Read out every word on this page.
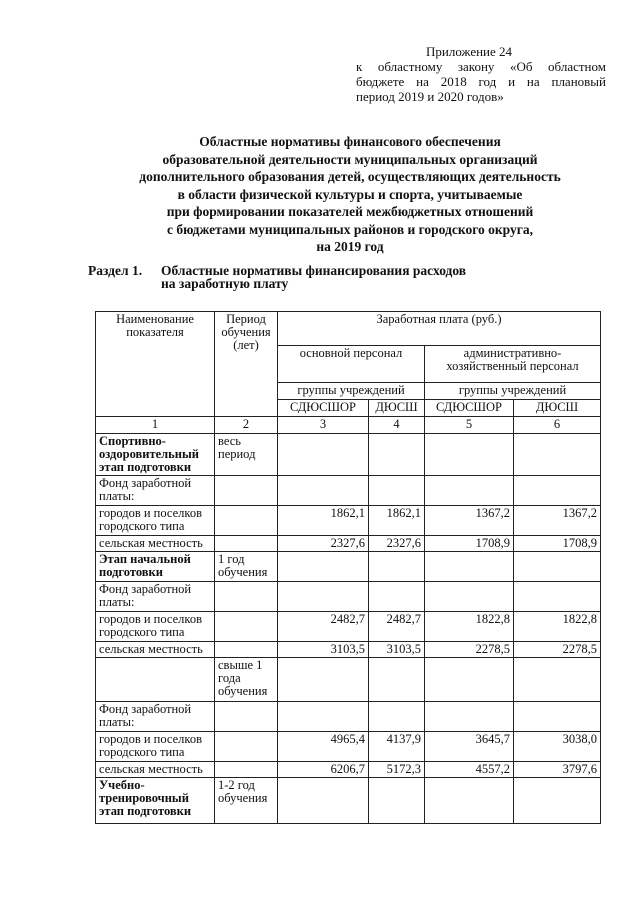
Приложение 24
к областному закону «Об областном
бюджете на 2018 год и на плановый
период 2019 и 2020 годов»
Областные нормативы финансового обеспечения
образовательной деятельности муниципальных организаций
дополнительного образования детей, осуществляющих деятельность
в области физической культуры и спорта, учитываемые
при формировании показателей межбюджетных отношений
с бюджетами муниципальных районов и городского округа,
на 2019 год
Раздел 1. Областные нормативы финансирования расходов
на заработную плату
Наименование показателя	Период обучения (лет)	Заработная плата (руб.)			
		основной персонал		административно-хозяйственный персонал	
		группы учреждений		группы учреждений	
		СДЮСШОР	ДЮСШ	СДЮСШОР	ДЮСШ
1	2	3	4	5	6
Спортивно-оздоровительный этап подготовки	весь период				
Фонд заработной платы:					
городов и поселков городского типа		1862,1	1862,1	1367,2	1367,2
сельская местность		2327,6	2327,6	1708,9	1708,9
Этап начальной подготовки	1 год обучения				
Фонд заработной платы:					
городов и поселков городского типа		2482,7	2482,7	1822,8	1822,8
сельская местность		3103,5	3103,5	2278,5	2278,5
	свыше 1 года обучения				
Фонд заработной платы:					
городов и поселков городского типа		4965,4	4137,9	3645,7	3038,0
сельская местность		6206,7	5172,3	4557,2	3797,6
Учебно-тренировочный этап подготовки	1-2 год обучения				
